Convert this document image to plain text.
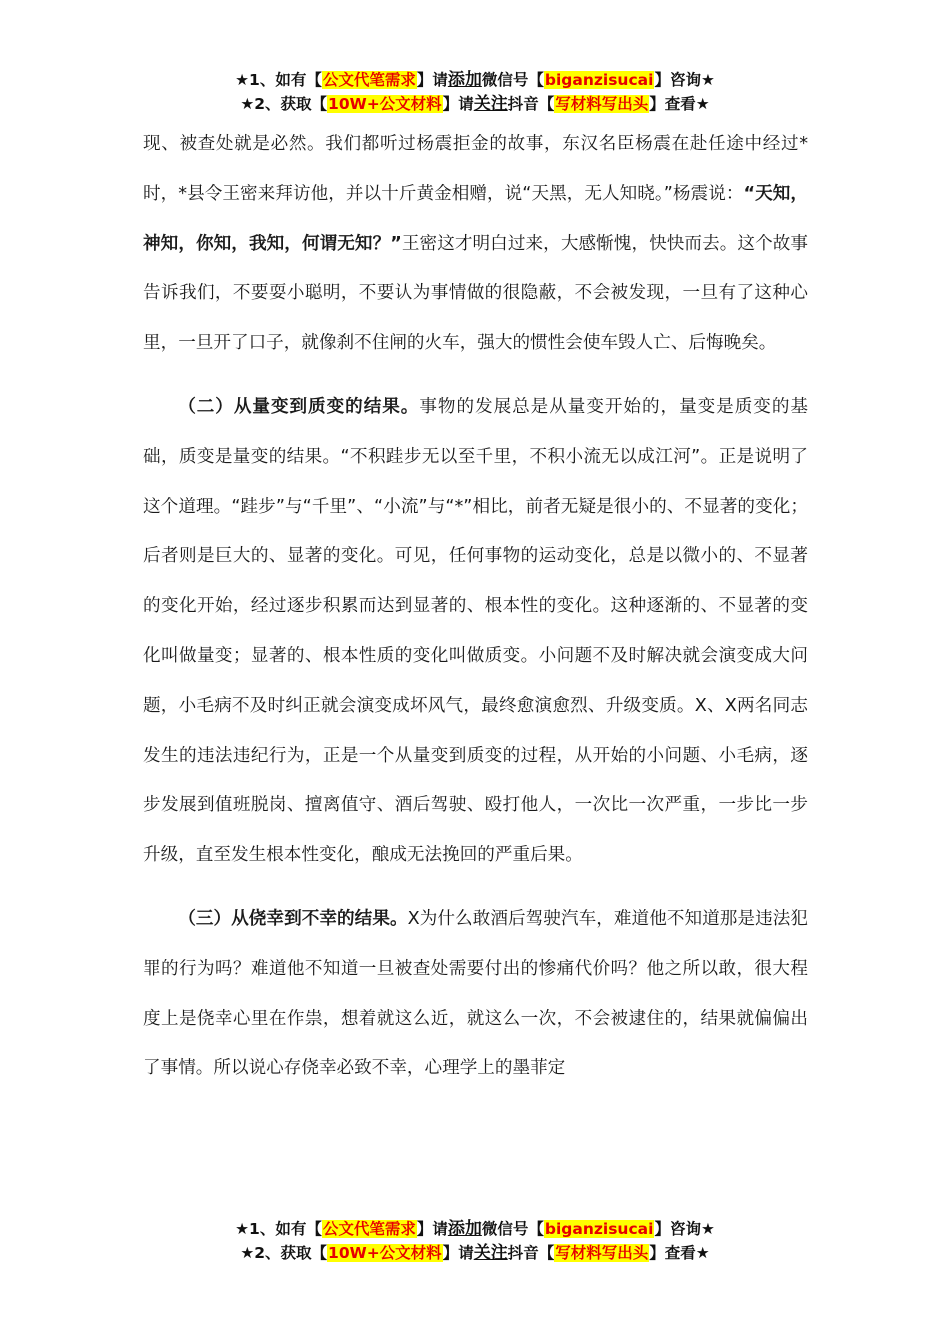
★1、如有【公文代笔需求】请添加微信号【biganzisucai】咨询★
★2、获取【10W+公文材料】请关注抖音【写材料写出头】查看★

现、被查处就是必然。我们都听过杨震拒金的故事，东汉名臣杨震在赴任途中经过*时，*县令王密来拜访他，并以十斤黄金相赠，说“天黑，无人知晓。”杨震说：“天知，神知，你知，我知，何谓无知？”王密这才明白过来，大感惭愧，快快而去。这个故事告诉我们，不要耍小聪明，不要认为事情做的很隐蔽，不会被发现，一旦有了这种心里，一旦开了口子，就像刹不住闸的火车，强大的惯性会使车毁人亡、后悔晚矣。

（二）从量变到质变的结果。事物的发展总是从量变开始的，量变是质变的基础，质变是量变的结果。“不积跬步无以至千里，不积小流无以成江河”。正是说明了这个道理。“跬步”与“千里”、“小流”与“*”相比，前者无疑是很小的、不显著的变化；后者则是巨大的、显著的变化。可见，任何事物的运动变化，总是以微小的、不显著的变化开始，经过逐步积累而达到显著的、根本性的变化。这种逐渐的、不显著的变化叫做量变；显著的、根本性质的变化叫做质变。小问题不及时解决就会演变成大问题，小毛病不及时纠正就会演变成坏风气，最终愈演愈烈、升级变质。X、X两名同志发生的违法违纪行为，正是一个从量变到质变的过程，从开始的小问题、小毛病，逐步发展到值班脱岗、擅离值守、酒后驾驶、殴打他人，一次比一次严重，一步比一步升级，直至发生根本性变化，酿成无法挽回的严重后果。

（三）从侥幸到不幸的结果。X为什么敢酒后驾驶汽车，难道他不知道那是违法犯罪的行为吗？难道他不知道一旦被查处需要付出的惨痛代价吗？他之所以敢，很大程度上是侥幸心里在作祟，想着就这么近，就这么一次，不会被逮住的，结果就偏偏出了事情。所以说心存侥幸必致不幸，心理学上的墨菲定

★1、如有【公文代笔需求】请添加微信号【biganzisucai】咨询★
★2、获取【10W+公文材料】请关注抖音【写材料写出头】查看★
